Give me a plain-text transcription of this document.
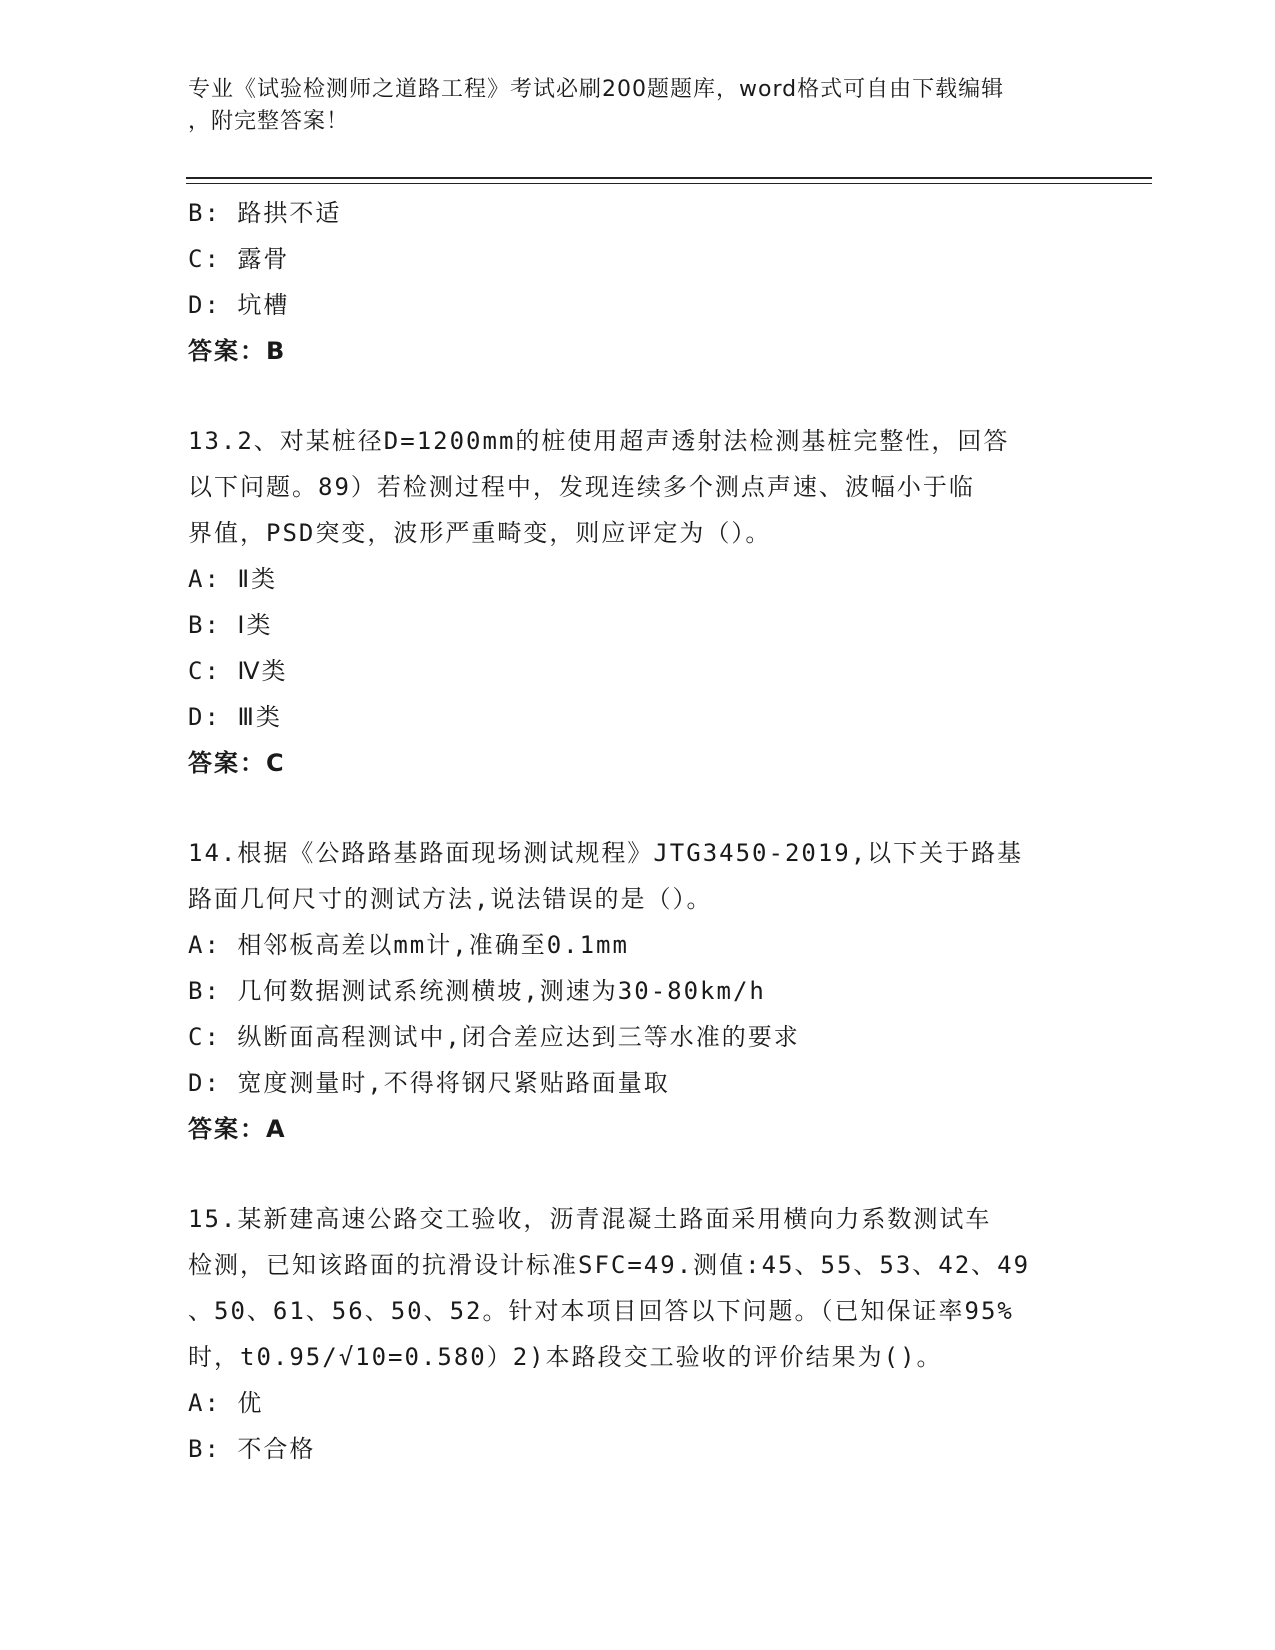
专业《试验检测师之道路工程》考试必刷200题题库，word格式可自由下载编辑
，附完整答案！
B: 路拱不适
C: 露骨
D: 坑槽
答案：B
13.2、对某桩径D=1200mm的桩使用超声透射法检测基桩完整性，回答
以下问题。89）若检测过程中，发现连续多个测点声速、波幅小于临
界值，PSD突变，波形严重畸变，则应评定为（）。
A: Ⅱ类
B: Ⅰ类
C: Ⅳ类
D: Ⅲ类
答案：C
14.根据《公路路基路面现场测试规程》JTG3450-2019,以下关于路基
路面几何尺寸的测试方法,说法错误的是（）。
A: 相邻板高差以mm计,准确至0.1mm
B: 几何数据测试系统测横坡,测速为30-80km/h
C: 纵断面高程测试中,闭合差应达到三等水准的要求
D: 宽度测量时,不得将钢尺紧贴路面量取
答案：A
15.某新建高速公路交工验收，沥青混凝土路面采用横向力系数测试车
检测，已知该路面的抗滑设计标准SFC=49.测值:45、55、53、42、49
、50、61、56、50、52。针对本项目回答以下问题。（已知保证率95%
时，t0.95/√10=0.580）2)本路段交工验收的评价结果为()。
A: 优
B: 不合格
